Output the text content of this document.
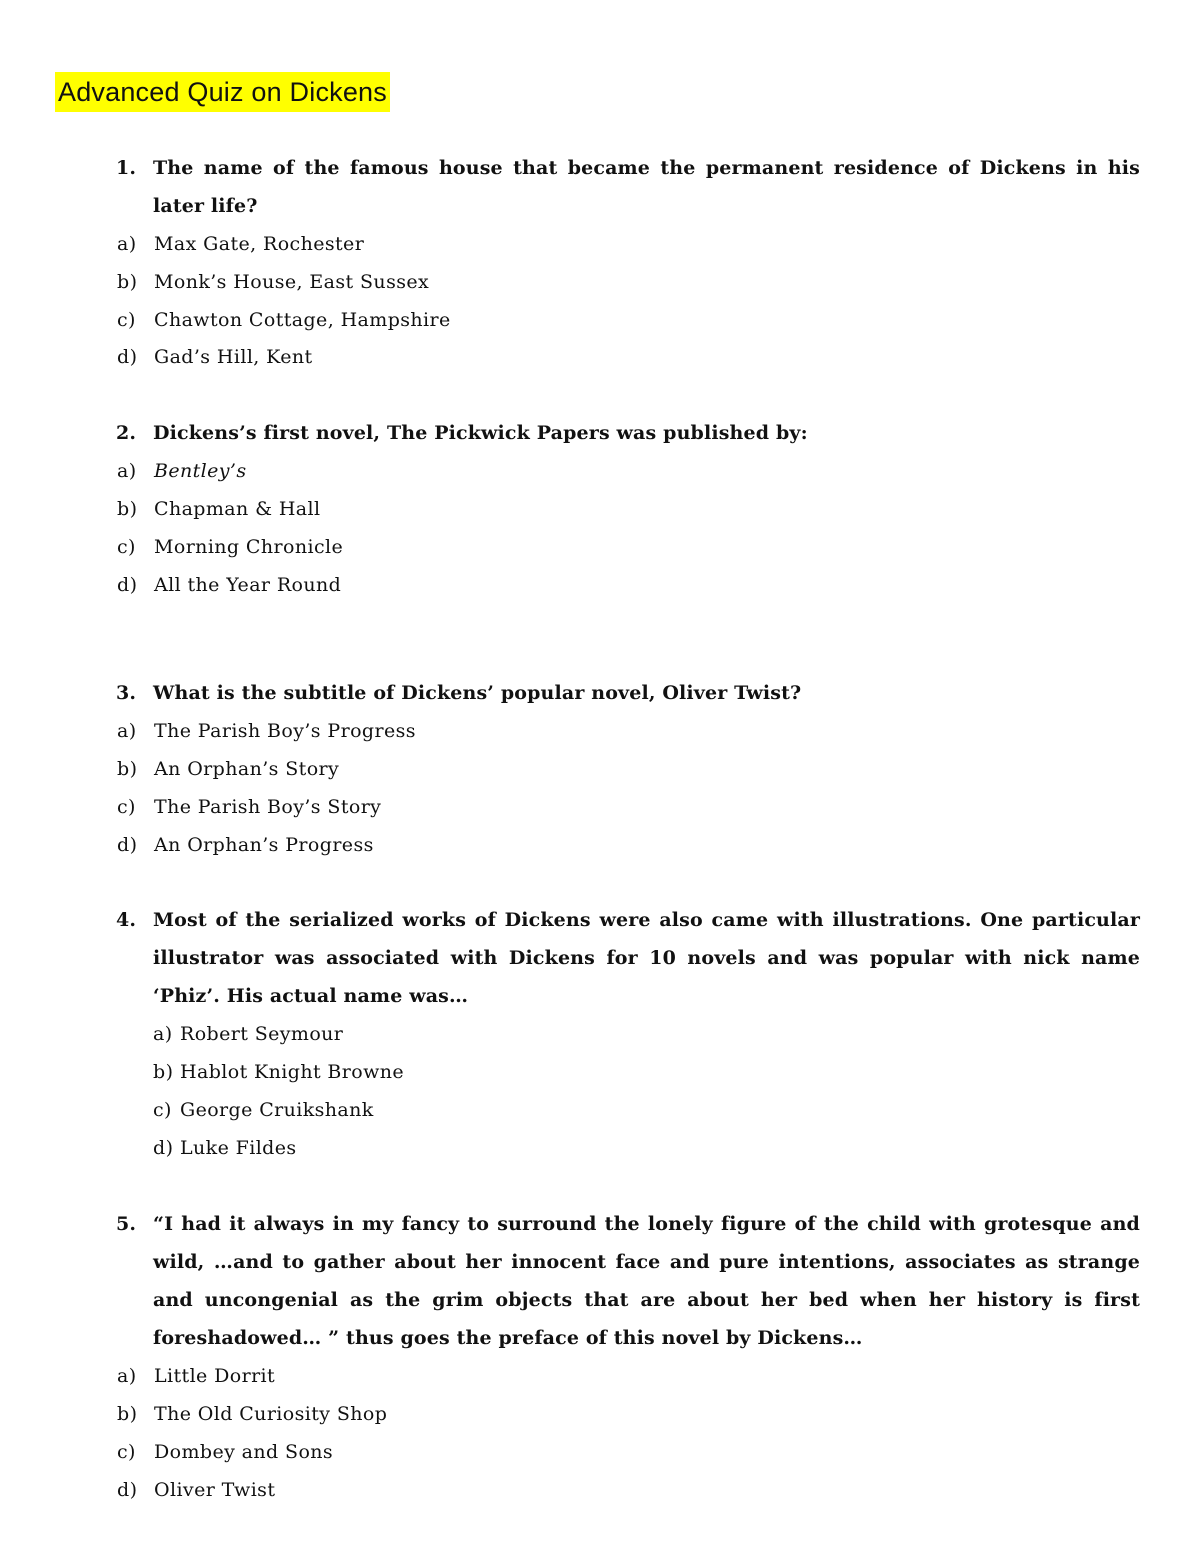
Advanced Quiz on Dickens
1. The name of the famous house that became the permanent residence of Dickens in his later life?
a) Max Gate, Rochester
b) Monk’s House, East Sussex
c) Chawton Cottage, Hampshire
d) Gad’s Hill, Kent
2. Dickens’s first novel, The Pickwick Papers was published by:
a) Bentley’s
b) Chapman & Hall
c) Morning Chronicle
d) All the Year Round
3. What is the subtitle of Dickens’ popular novel, Oliver Twist?
a) The Parish Boy’s Progress
b) An Orphan’s Story
c) The Parish Boy’s Story
d) An Orphan’s Progress
4. Most of the serialized works of Dickens were also came with illustrations. One particular illustrator was associated with Dickens for 10 novels and was popular with nick name ‘Phiz’. His actual name was…
a) Robert Seymour
b) Hablot Knight Browne
c) George Cruikshank
d) Luke Fildes
5. “I had it always in my fancy to surround the lonely figure of the child with grotesque and wild, …and to gather about her innocent face and pure intentions, associates as strange and uncongenial as the grim objects that are about her bed when her history is first foreshadowed… ” thus goes the preface of this novel by Dickens…
a) Little Dorrit
b) The Old Curiosity Shop
c) Dombey and Sons
d) Oliver Twist
